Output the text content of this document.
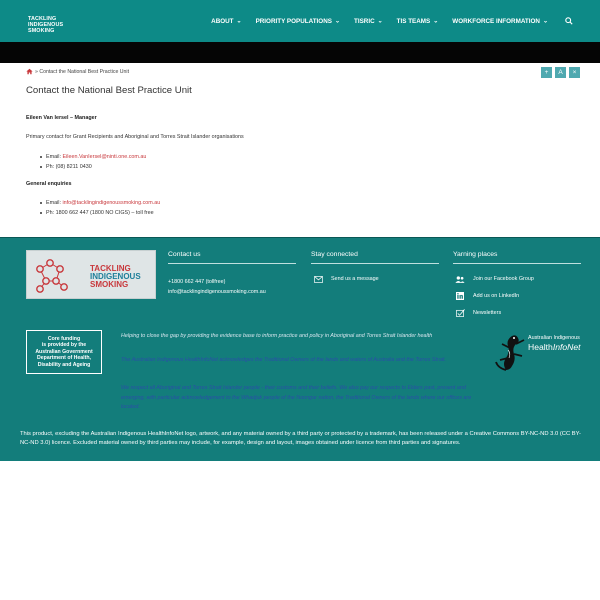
TACKLING
INDIGENOUS
SMOKING
ABOUT ⌄ PRIORITY POPULATIONS ⌄ TISRIC ⌄ TIS TEAMS ⌄ WORKFORCE INFORMATION ⌄
»
Contact the National Best Practice Unit	+	A	×
Contact the National Best Practice Unit
Eileen Van Iersel – Manager
Primary contact for Grant Recipients and Aboriginal and Torres Strait Islander organisations
Email: Eileen.VanIersel@ninti.one.com.au
Ph: (08) 8211 0430
General enquiries
Email: info@tacklingindigenoussmoking.com.au
Ph: 1800 662 447 (1800 NO CIGS) – toll free
TACKLING
INDIGENOUS
SMOKING
Contact us
+1800 662 447 (tollfree)
info@tacklingindigenoussmoking.com.au
Stay connected
Send us a message
Yarning places
Join our Facebook Group
Add us on LinkedIn
Newsletters
Core funding
is provided by the
Australian Government
Department of Health,
Disability and Ageing
Helping to close the gap by providing the evidence base to inform practice and policy in Aboriginal and Torres Strait Islander health
The Australian Indigenous HealthInfoNet acknowledges the Traditional Owners of the lands and waters of Australia and the Torres Strait.
We respect all Aboriginal and Torres Strait Islander people - their customs and their beliefs. We also pay our respects to Elders past, present and emerging, with particular acknowledgement to the Whadjuk people of the Noongar nation, the Traditional Owners of the lands where our offices are located.
Australian Indigenous
HealthInfoNet
This product, excluding the Australian Indigenous HealthInfoNet logo, artwork, and any material owned by a third party or protected by a trademark, has been released under a Creative Commons BY-NC-ND 3.0 (CC BY-NC-ND 3.0) licence. Excluded material owned by third parties may include, for example, design and layout, images obtained under licence from third parties and signatures.
